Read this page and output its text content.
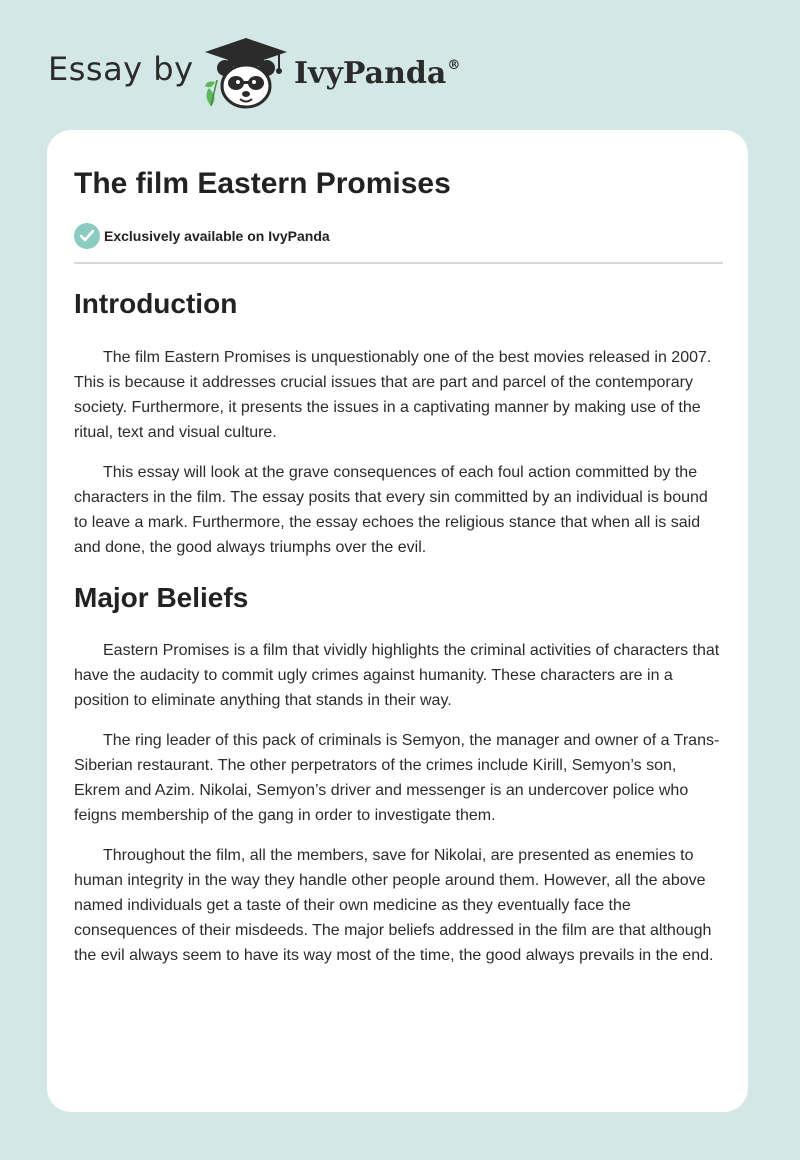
Essay by	IvyPanda®
The film Eastern Promises
Exclusively available on IvyPanda
Introduction

The film Eastern Promises is unquestionably one of the best movies released in 2007. This is because it addresses crucial issues that are part and parcel of the contemporary society. Furthermore, it presents the issues in a captivating manner by making use of the ritual, text and visual culture.

This essay will look at the grave consequences of each foul action committed by the characters in the film. The essay posits that every sin committed by an individual is bound to leave a mark. Furthermore, the essay echoes the religious stance that when all is said and done, the good always triumphs over the evil.

Major Beliefs

Eastern Promises is a film that vividly highlights the criminal activities of characters that have the audacity to commit ugly crimes against humanity. These characters are in a position to eliminate anything that stands in their way.

The ring leader of this pack of criminals is Semyon, the manager and owner of a Trans-Siberian restaurant. The other perpetrators of the crimes include Kirill, Semyon’s son, Ekrem and Azim. Nikolai, Semyon’s driver and messenger is an undercover police who feigns membership of the gang in order to investigate them.

Throughout the film, all the members, save for Nikolai, are presented as enemies to human integrity in the way they handle other people around them. However, all the above named individuals get a taste of their own medicine as they eventually face the consequences of their misdeeds. The major beliefs addressed in the film are that although the evil always seem to have its way most of the time, the good always prevails in the end.
